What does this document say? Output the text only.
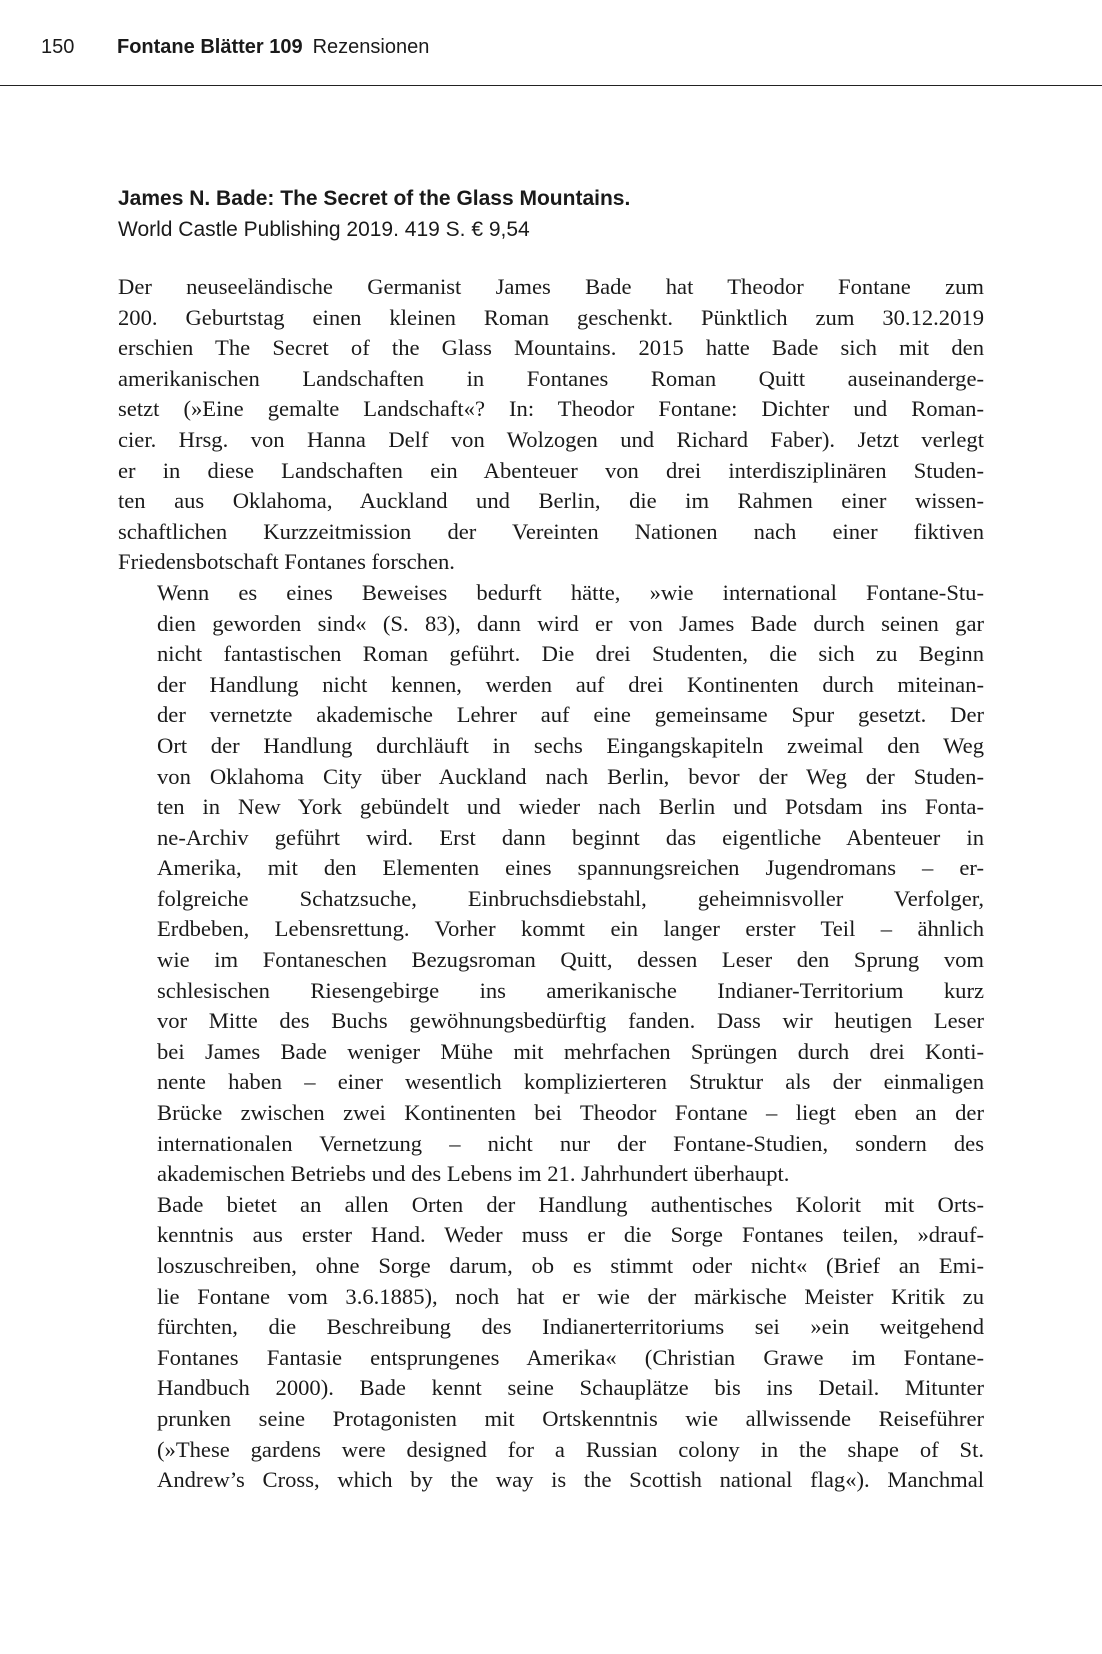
150 Fontane Blätter 109 Rezensionen
James N. Bade: The Secret of the Glass Mountains.
World Castle Publishing 2019. 419 S. € 9,54

Der neuseeländische Germanist James Bade hat Theodor Fontane zum
200. Geburtstag einen kleinen Roman geschenkt. Pünktlich zum 30.12.2019
erschien The Secret of the Glass Mountains. 2015 hatte Bade sich mit den
amerikanischen Landschaften in Fontanes Roman Quitt auseinanderge-
setzt (»Eine gemalte Landschaft«? In: Theodor Fontane: Dichter und Roman-
cier. Hrsg. von Hanna Delf von Wolzogen und Richard Faber). Jetzt verlegt
er in diese Landschaften ein Abenteuer von drei interdisziplinären Studen-
ten aus Oklahoma, Auckland und Berlin, die im Rahmen einer wissen-
schaftlichen Kurzzeitmission der Vereinten Nationen nach einer fiktiven
Friedensbotschaft Fontanes forschen.

Wenn es eines Beweises bedurft hätte, »wie international Fontane-Stu-
dien geworden sind« (S. 83), dann wird er von James Bade durch seinen gar
nicht fantastischen Roman geführt. Die drei Studenten, die sich zu Beginn
der Handlung nicht kennen, werden auf drei Kontinenten durch miteinan-
der vernetzte akademische Lehrer auf eine gemeinsame Spur gesetzt. Der
Ort der Handlung durchläuft in sechs Eingangskapiteln zweimal den Weg
von Oklahoma City über Auckland nach Berlin, bevor der Weg der Studen-
ten in New York gebündelt und wieder nach Berlin und Potsdam ins Fonta-
ne-Archiv geführt wird. Erst dann beginnt das eigentliche Abenteuer in
Amerika, mit den Elementen eines spannungsreichen Jugendromans – er-
folgreiche Schatzsuche, Einbruchsdiebstahl, geheimnisvoller Verfolger,
Erdbeben, Lebensrettung. Vorher kommt ein langer erster Teil – ähnlich
wie im Fontaneschen Bezugsroman Quitt, dessen Leser den Sprung vom
schlesischen Riesengebirge ins amerikanische Indianer-Territorium kurz
vor Mitte des Buchs gewöhnungsbedürftig fanden. Dass wir heutigen Leser
bei James Bade weniger Mühe mit mehrfachen Sprüngen durch drei Konti-
nente haben – einer wesentlich komplizierteren Struktur als der einmaligen
Brücke zwischen zwei Kontinenten bei Theodor Fontane – liegt eben an der
internationalen Vernetzung – nicht nur der Fontane-Studien, sondern des
akademischen Betriebs und des Lebens im 21. Jahrhundert überhaupt.

Bade bietet an allen Orten der Handlung authentisches Kolorit mit Orts-
kenntnis aus erster Hand. Weder muss er die Sorge Fontanes teilen, »drauf-
loszuschreiben, ohne Sorge darum, ob es stimmt oder nicht« (Brief an Emi-
lie Fontane vom 3.6.1885), noch hat er wie der märkische Meister Kritik zu
fürchten, die Beschreibung des Indianerterritoriums sei »ein weitgehend
Fontanes Fantasie entsprungenes Amerika« (Christian Grawe im Fontane-
Handbuch 2000). Bade kennt seine Schauplätze bis ins Detail. Mitunter
prunken seine Protagonisten mit Ortskenntnis wie allwissende Reiseführer
(»These gardens were designed for a Russian colony in the shape of St.
Andrew’s Cross, which by the way is the Scottish national flag«). Manchmal
